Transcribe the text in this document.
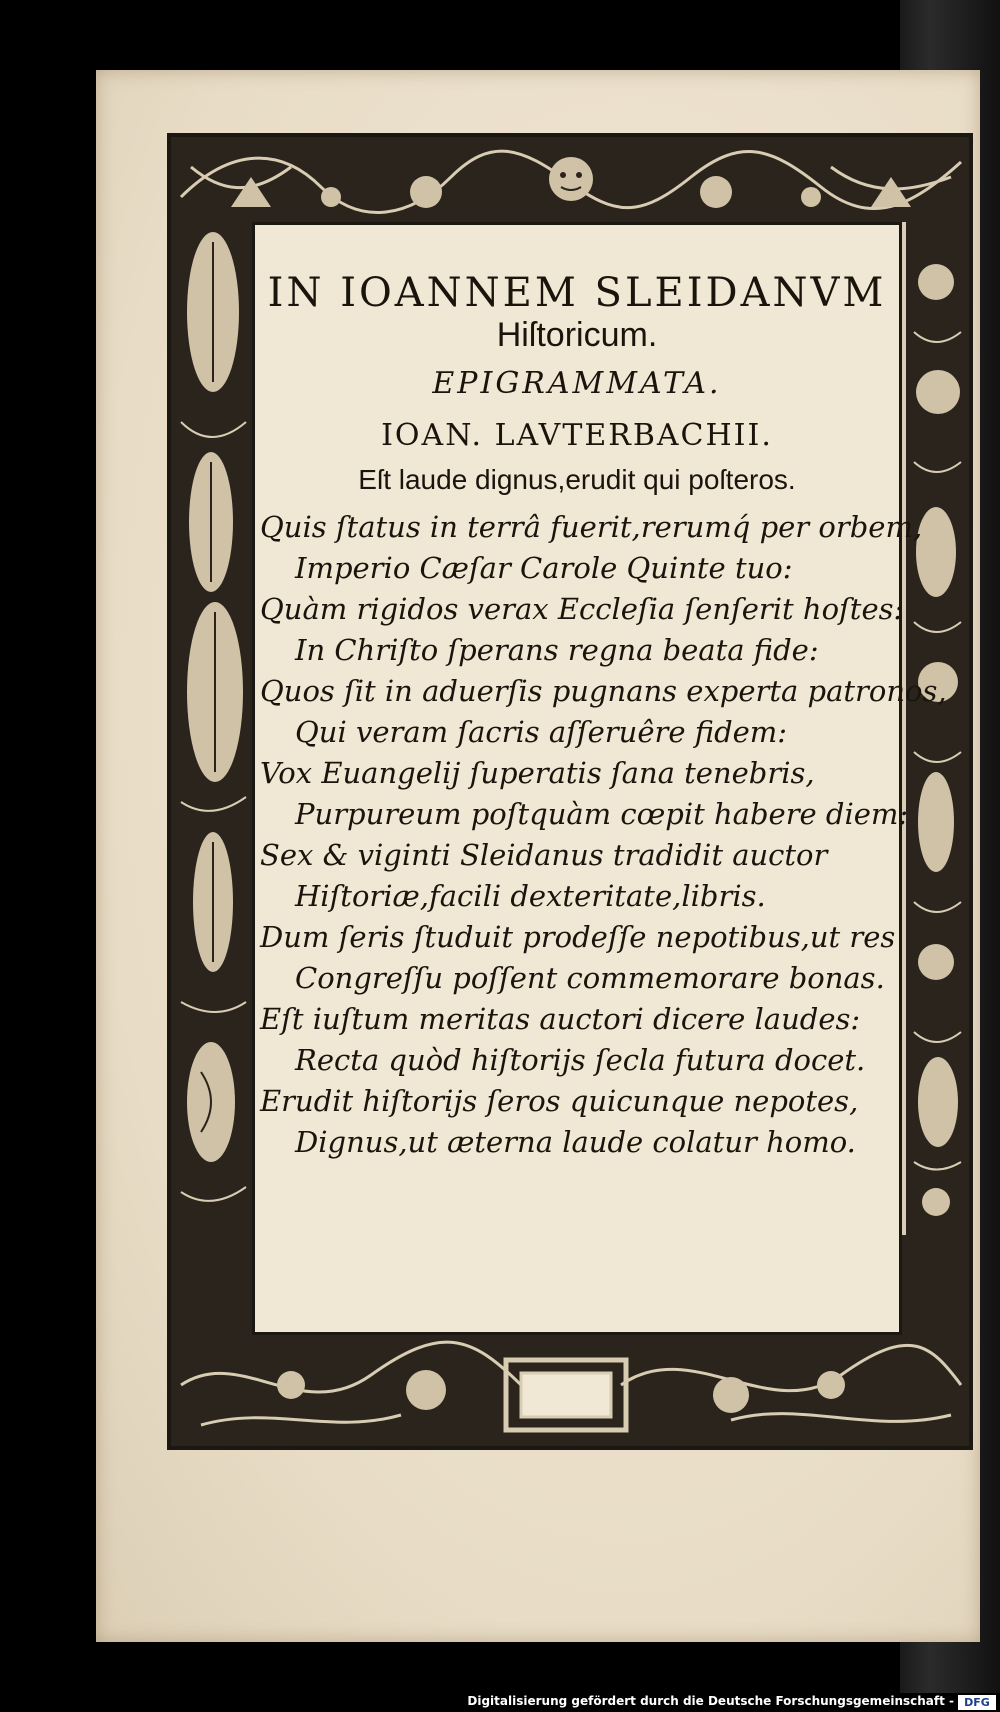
IN IOANNEM SLEIDANVM
Hiſtoricum.
EPIGRAMMATA.
IOAN. LAVTERBACHII.
Eſt laude dignus,erudit qui poſteros.
Quis ſtatus in terrâ fuerit,rerumq́ per orbem,
Imperio Cæſar Carole Quinte tuo:
Quàm rigidos verax Eccleſia ſenſerit hoſtes:
In Chriſto ſperans regna beata fide:
Quos ſit in aduerſis pugnans experta patronos,
Qui veram ſacris aſſeruêre fidem:
Vox Euangelij ſuperatis ſana tenebris,
Purpureum poſtquàm cœpit habere diem:
Sex & viginti Sleidanus tradidit auctor
Hiſtoriæ,facili dexteritate,libris.
Dum ſeris ſtuduit prodeſſe nepotibus,ut res
Congreſſu poſſent commemorare bonas.
Eſt iuſtum meritas auctori dicere laudes:
Recta quòd hiſtorijs ſecla futura docet.
Erudit hiſtorijs ſeros quicunque nepotes,
Dignus,ut æterna laude colatur homo.
Digitalisierung gefördert durch die Deutsche Forschungsgemeinschaft - DFG
